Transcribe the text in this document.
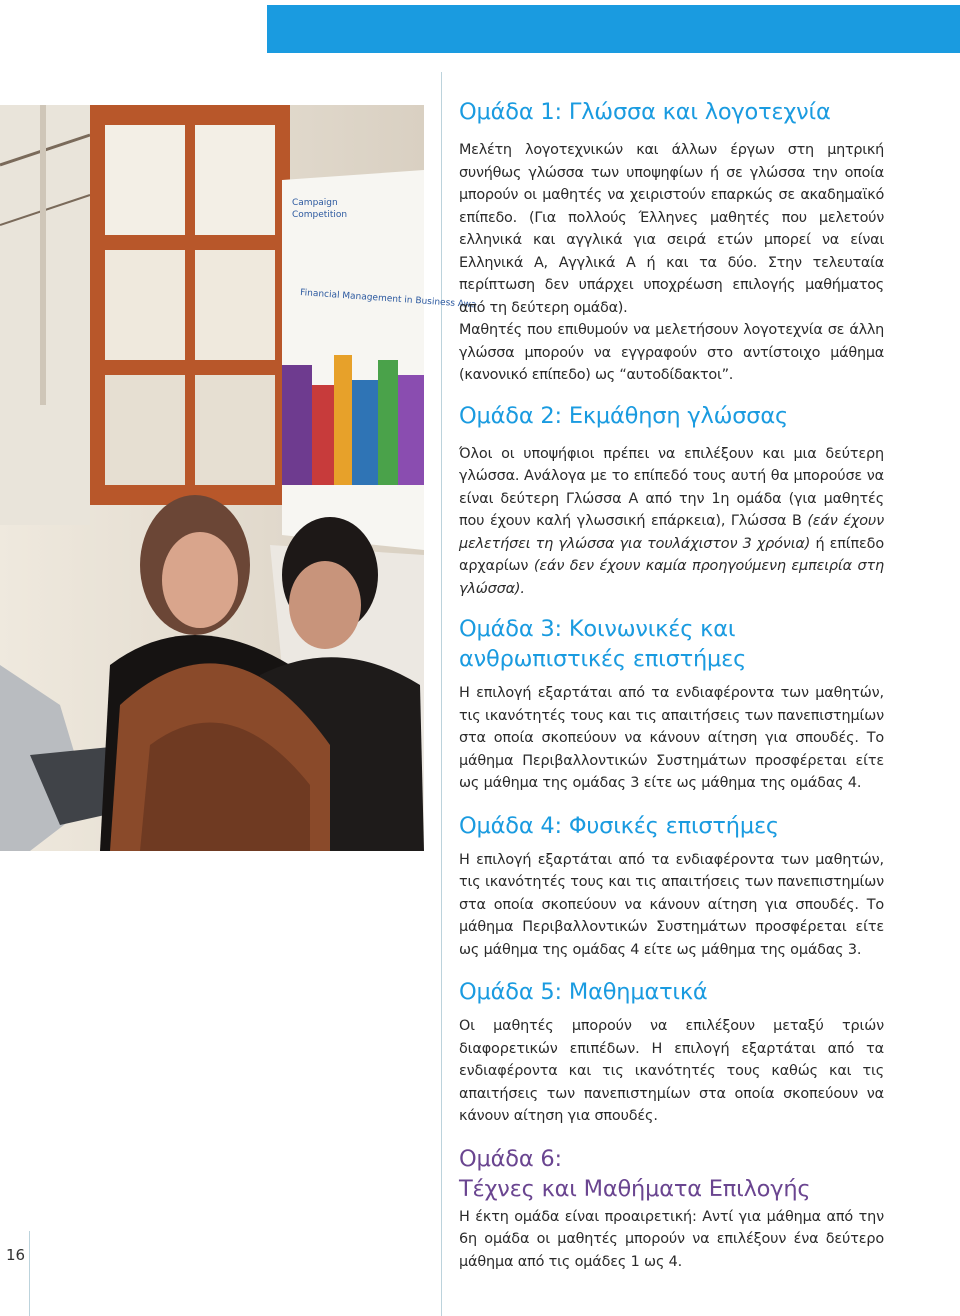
16
Campaign
Competition
Financial Management in Business Awa
Ομάδα 1: Γλώσσα και λογοτεχνία

Μελέτη λογοτεχνικών και άλλων έργων στη μητρική συνήθως γλώσσα των υποψηφίων ή σε γλώσσα την οποία μπορούν οι μαθητές να χειριστούν επαρκώς σε ακαδημαϊκό επίπεδο. (Για πολλούς Έλληνες μαθητές που μελετούν ελληνικά και αγγλικά για σειρά ετών μπορεί να είναι Ελληνικά Α, Αγγλικά Α ή και τα δύο. Στην τελευταία περίπτωση δεν υπάρχει υποχρέωση επιλογής μαθήματος από τη δεύτερη ομάδα).

Μαθητές που επιθυμούν να μελετήσουν λογοτεχνία σε άλλη γλώσσα μπορούν να εγγραφούν στο αντίστοιχο μάθημα (κανονικό επίπεδο) ως “αυτοδίδακτοι”.

Ομάδα 2: Εκμάθηση γλώσσας

Όλοι οι υποψήφιοι πρέπει να επιλέξουν και μια δεύτερη γλώσσα. Ανάλογα με το επίπεδό τους αυτή θα μπορούσε να είναι δεύτερη Γλώσσα Α από την 1η ομάδα (για μαθητές που έχουν καλή γλωσσική επάρκεια), Γλώσσα Β (εάν έχουν μελετήσει τη γλώσσα για τουλάχιστον 3 χρόνια) ή επίπεδο αρχαρίων (εάν δεν έχουν καμία προηγούμενη εμπειρία στη γλώσσα).

Ομάδα 3: Κοινωνικές και
ανθρωπιστικές επιστήμες

Η επιλογή εξαρτάται από τα ενδιαφέροντα των μαθητών, τις ικανότητές τους και τις απαιτήσεις των πανεπιστημίων στα οποία σκοπεύουν να κάνουν αίτηση για σπουδές. Το μάθημα Περιβαλλοντικών Συστημάτων προσφέρεται είτε ως μάθημα της ομάδας 3 είτε ως μάθημα της ομάδας 4.

Ομάδα 4: Φυσικές επιστήμες

Η επιλογή εξαρτάται από τα ενδιαφέροντα των μαθητών, τις ικανότητές τους και τις απαιτήσεις των πανεπιστημίων στα οποία σκοπεύουν να κάνουν αίτηση για σπουδές. Το μάθημα Περιβαλλοντικών Συστημάτων προσφέρεται είτε ως μάθημα της ομάδας 4 είτε ως μάθημα της ομάδας 3.

Ομάδα 5: Μαθηματικά

Οι μαθητές μπορούν να επιλέξουν μεταξύ τριών διαφορετικών επιπέδων. Η επιλογή εξαρτάται από τα ενδιαφέροντα και τις ικανότητές τους καθώς και τις απαιτήσεις των πανεπιστημίων στα οποία σκοπεύουν να κάνουν αίτηση για σπουδές.

Ομάδα 6:
Τέχνες και Μαθήματα Επιλογής

Η έκτη ομάδα είναι προαιρετική: Αντί για μάθημα από την 6η ομάδα οι μαθητές μπορούν να επιλέξουν ένα δεύτερο μάθημα από τις ομάδες 1 ως 4.
